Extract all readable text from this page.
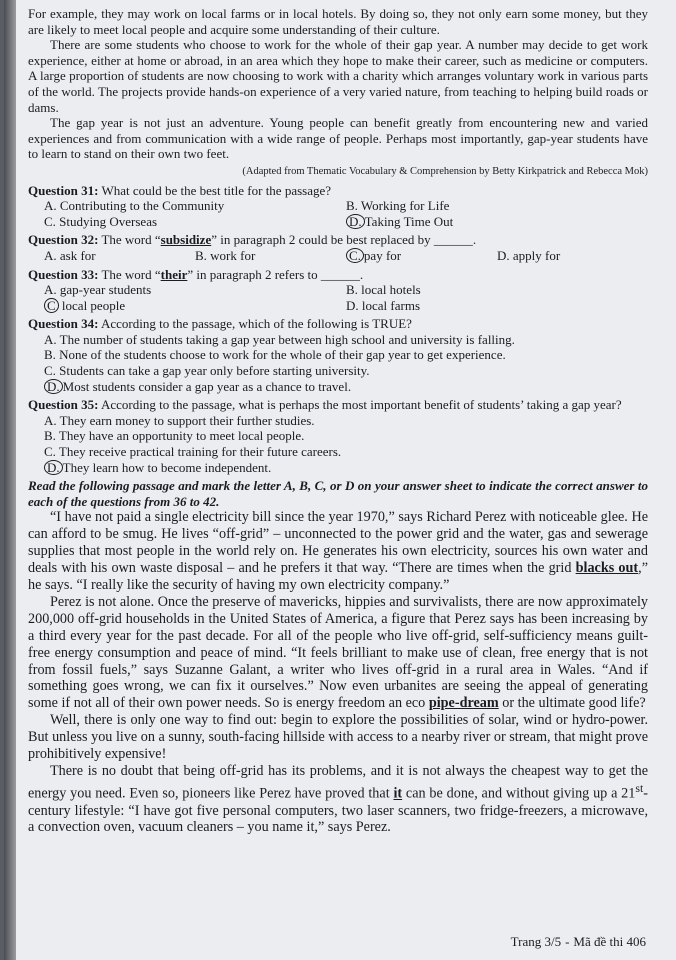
For example, they may work on local farms or in local hotels. By doing so, they not only earn some money, but they are likely to meet local people and acquire some understanding of their culture.

There are some students who choose to work for the whole of their gap year. A number may decide to get work experience, either at home or abroad, in an area which they hope to make their career, such as medicine or computers. A large proportion of students are now choosing to work with a charity which arranges voluntary work in various parts of the world. The projects provide hands-on experience of a very varied nature, from teaching to helping build roads or dams.

The gap year is not just an adventure. Young people can benefit greatly from encountering new and varied experiences and from communication with a wide range of people. Perhaps most importantly, gap-year students have to learn to stand on their own two feet.

(Adapted from Thematic Vocabulary & Comprehension by Betty Kirkpatrick and Rebecca Mok)

Question 31: What could be the best title for the passage?
A. Contributing to the Community	B. Working for Life
C. Studying Overseas	D. Taking Time Out
Question 32: The word “subsidize” in paragraph 2 could be best replaced by ______.
A. ask for	B. work for	C. pay for	D. apply for
Question 33: The word “their” in paragraph 2 refers to ______.
A. gap-year students	B. local hotels
C local people	D. local farms
Question 34: According to the passage, which of the following is TRUE?
A. The number of students taking a gap year between high school and university is falling.
B. None of the students choose to work for the whole of their gap year to get experience.
C. Students can take a gap year only before starting university.
D. Most students consider a gap year as a chance to travel.
Question 35: According to the passage, what is perhaps the most important benefit of students’ taking a gap year?
A. They earn money to support their further studies.
B. They have an opportunity to meet local people.
C. They receive practical training for their future careers.
D. They learn how to become independent.

Read the following passage and mark the letter A, B, C, or D on your answer sheet to indicate the correct answer to each of the questions from 36 to 42.

“I have not paid a single electricity bill since the year 1970,” says Richard Perez with noticeable glee. He can afford to be smug. He lives “off-grid” – unconnected to the power grid and the water, gas and sewerage supplies that most people in the world rely on. He generates his own electricity, sources his own water and deals with his own waste disposal – and he prefers it that way. “There are times when the grid blacks out,” he says. “I really like the security of having my own electricity company.”

Perez is not alone. Once the preserve of mavericks, hippies and survivalists, there are now approximately 200,000 off-grid households in the United States of America, a figure that Perez says has been increasing by a third every year for the past decade. For all of the people who live off-grid, self-sufficiency means guilt-free energy consumption and peace of mind. “It feels brilliant to make use of clean, free energy that is not from fossil fuels,” says Suzanne Galant, a writer who lives off-grid in a rural area in Wales. “And if something goes wrong, we can fix it ourselves.” Now even urbanites are seeing the appeal of generating some if not all of their own power needs. So is energy freedom an eco pipe-dream or the ultimate good life?

Well, there is only one way to find out: begin to explore the possibilities of solar, wind or hydro-power. But unless you live on a sunny, south-facing hillside with access to a nearby river or stream, that might prove prohibitively expensive!

There is no doubt that being off-grid has its problems, and it is not always the cheapest way to get the energy you need. Even so, pioneers like Perez have proved that it can be done, and without giving up a 21st-century lifestyle: “I have got five personal computers, two laser scanners, two fridge-freezers, a microwave, a convection oven, vacuum cleaners – you name it,” says Perez.

Trang 3/5 - Mã đề thi 406
